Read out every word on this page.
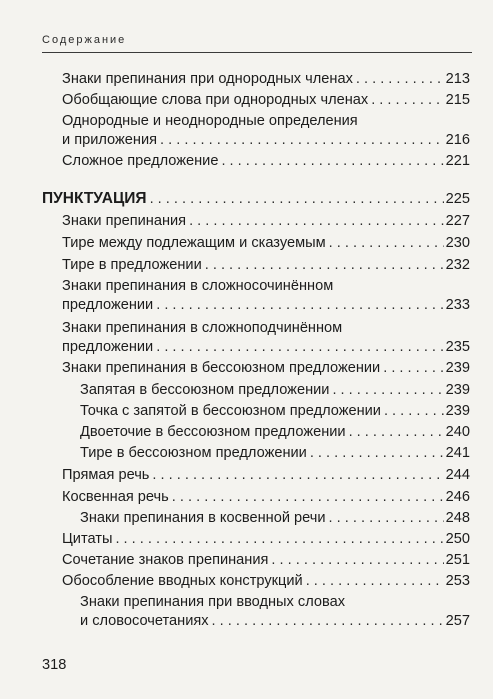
Содержание
Знаки препинания при однородных членах . . .	213
Обобщающие слова при однородных членах . . .	215
Однородные и неоднородные определения
и приложения . . .	216
Сложное предложение . . .	221
ПУНКТУАЦИЯ . . .	225
Знаки препинания . . .	227
Тире между подлежащим и сказуемым . . .	230
Тире в предложении . . .	232
Знаки препинания в сложносочинённом
предложении . . .	233
Знаки препинания в сложноподчинённом
предложении . . .	235
Знаки препинания в бессоюзном предложении . . .	239
Запятая в бессоюзном предложении . . .	239
Точка с запятой в бессоюзном предложении . . .	239
Двоеточие в бессоюзном предложении . . .	240
Тире в бессоюзном предложении . . .	241
Прямая речь . . .	244
Косвенная речь . . .	246
Знаки препинания в косвенной речи . . .	248
Цитаты . . .	250
Сочетание знаков препинания . . .	251
Обособление вводных конструкций . . .	253
Знаки препинания при вводных словах
и словосочетаниях . . .	257
318
